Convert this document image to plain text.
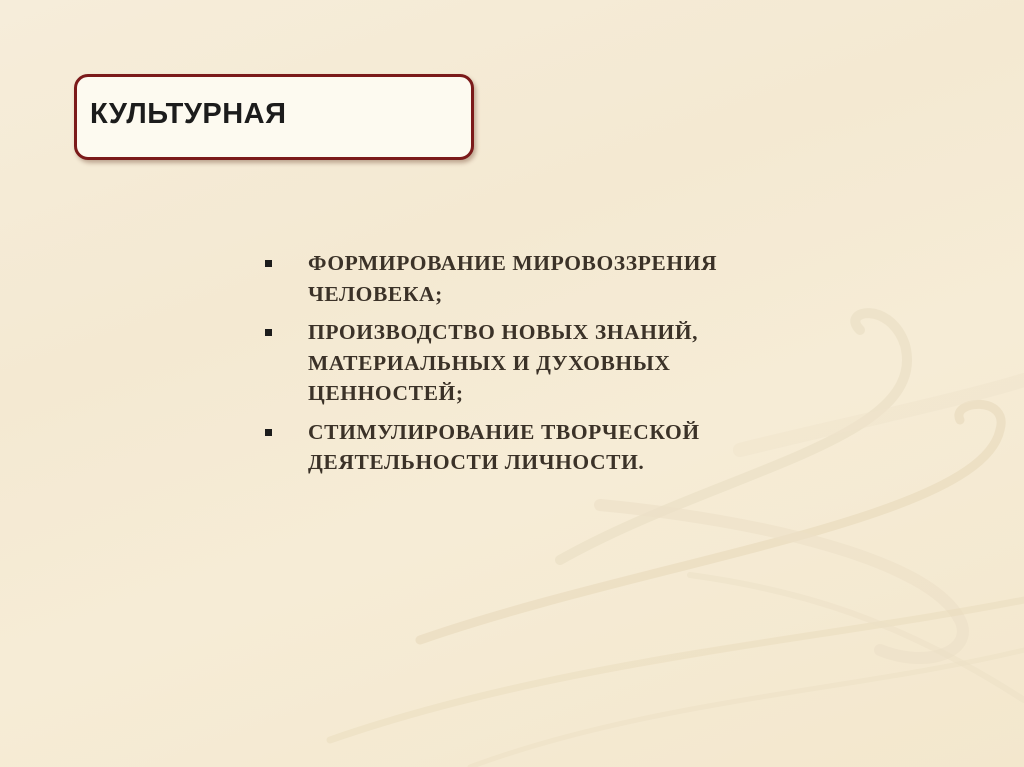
КУЛЬТУРНАЯ
ФОРМИРОВАНИЕ МИРОВОЗЗРЕНИЯ ЧЕЛОВЕКА;
ПРОИЗВОДСТВО НОВЫХ ЗНАНИЙ, МАТЕРИАЛЬНЫХ И ДУХОВНЫХ ЦЕННОСТЕЙ;
СТИМУЛИРОВАНИЕ ТВОРЧЕСКОЙ ДЕЯТЕЛЬНОСТИ ЛИЧНОСТИ.
